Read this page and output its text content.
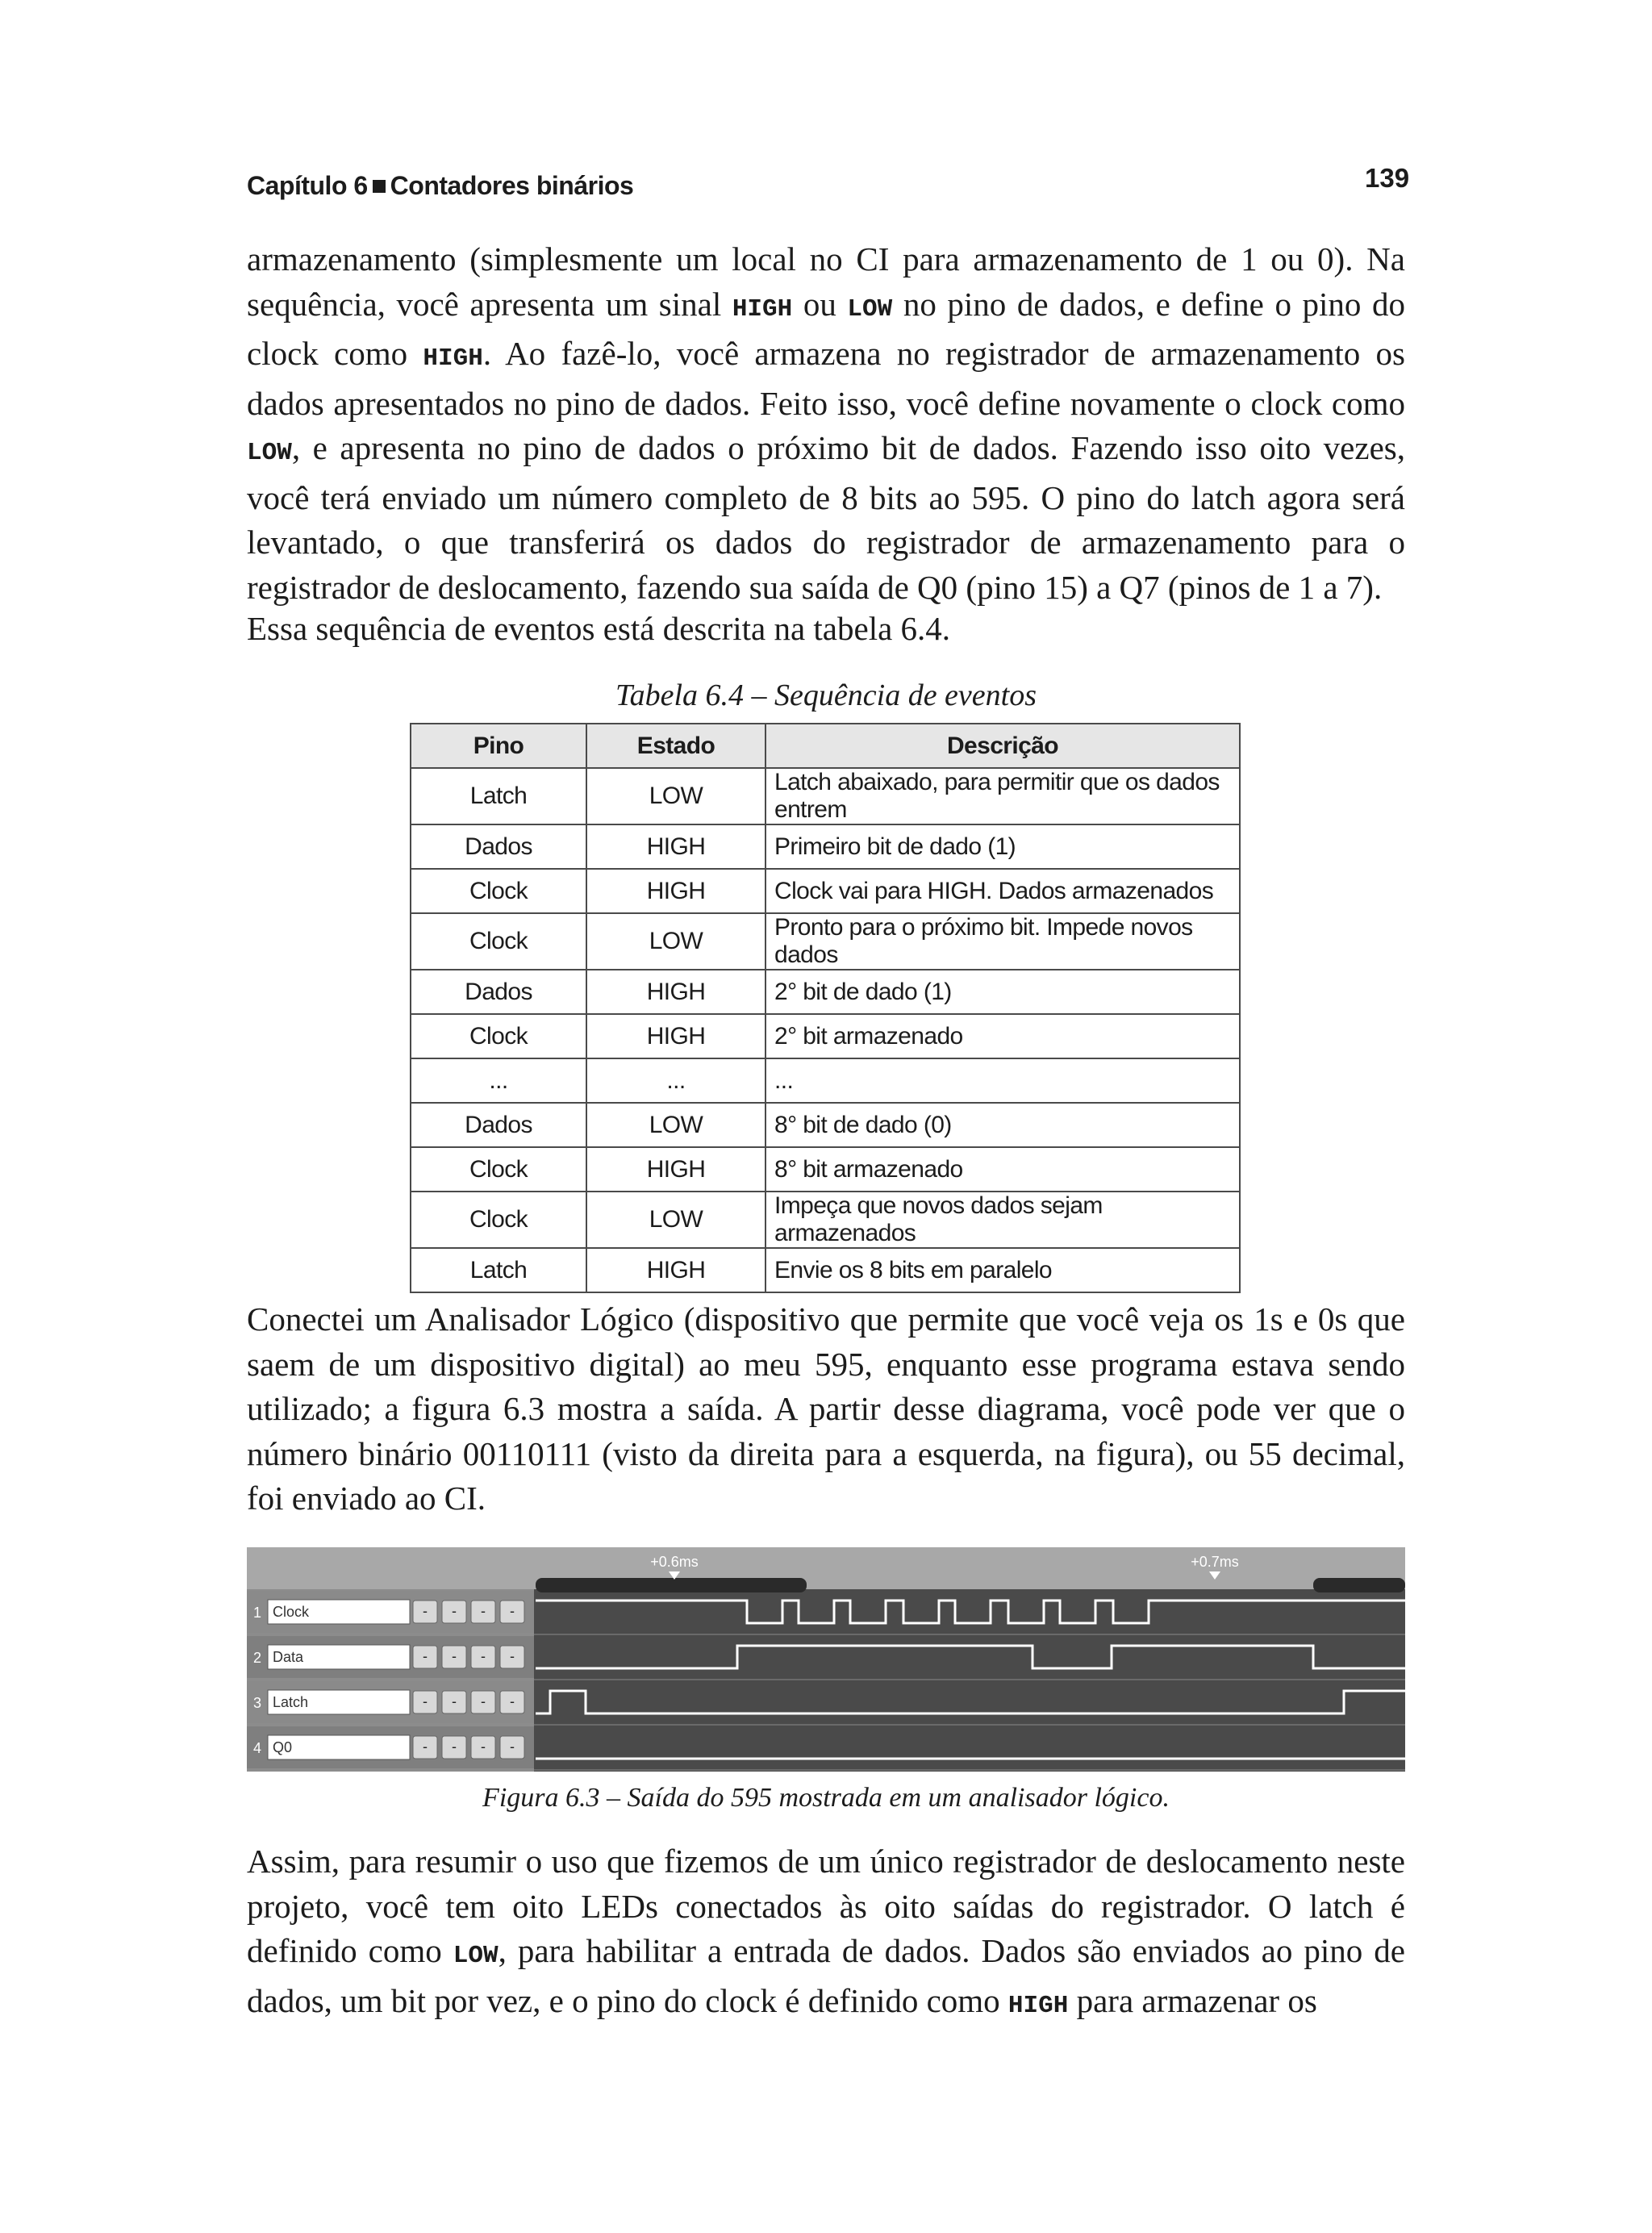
Capítulo 6 Contadores binários	139

armazenamento (simplesmente um local no CI para armazenamento de 1 ou 0). Na sequência, você apresenta um sinal HIGH ou LOW no pino de dados, e define o pino do clock como HIGH. Ao fazê-lo, você armazena no registrador de armazenamento os dados apresentados no pino de dados. Feito isso, você define novamente o clock como LOW, e apresenta no pino de dados o próximo bit de dados. Fazendo isso oito vezes, você terá enviado um número completo de 8 bits ao 595. O pino do latch agora será levantado, o que transferirá os dados do registrador de armazenamento para o registrador de deslocamento, fazendo sua saída de Q0 (pino 15) a Q7 (pinos de 1 a 7).

Essa sequência de eventos está descrita na tabela 6.4.

Tabela 6.4 – Sequência de eventos
Pino	Estado	Descrição
Latch	LOW	Latch abaixado, para permitir que os dados entrem
Dados	HIGH	Primeiro bit de dado (1)
Clock	HIGH	Clock vai para HIGH. Dados armazenados
Clock	LOW	Pronto para o próximo bit. Impede novos dados
Dados	HIGH	2° bit de dado (1)
Clock	HIGH	2° bit armazenado
...	...	...
Dados	LOW	8° bit de dado (0)
Clock	HIGH	8° bit armazenado
Clock	LOW	Impeça que novos dados sejam armazenados
Latch	HIGH	Envie os 8 bits em paralelo

Conectei um Analisador Lógico (dispositivo que permite que você veja os 1s e 0s que saem de um dispositivo digital) ao meu 595, enquanto esse programa estava sendo utilizado; a figura 6.3 mostra a saída. A partir desse diagrama, você pode ver que o número binário 00110111 (visto da direita para a esquerda, na figura), ou 55 decimal, foi enviado ao CI.

+0.6ms	+0.7ms
1 Clock	- - - -
2 Data	- - - -
3 Latch	- - - -
4 Q0	- - - -
Figura 6.3 – Saída do 595 mostrada em um analisador lógico.

Assim, para resumir o uso que fizemos de um único registrador de deslocamento neste projeto, você tem oito LEDs conectados às oito saídas do registrador. O latch é definido como LOW, para habilitar a entrada de dados. Dados são enviados ao pino de dados, um bit por vez, e o pino do clock é definido como HIGH para armazenar os
